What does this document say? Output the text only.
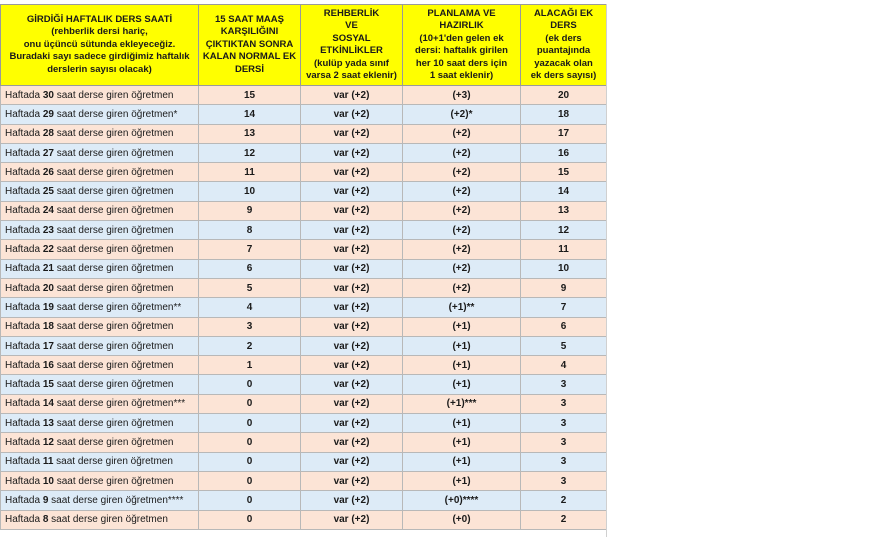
GİRDİĞİ HAFTALIK DERS SAATİ
(rehberlik dersi hariç,
onu üçüncü sütunda ekleyeceğiz. Buradaki sayı sadece girdiğimiz haftalık derslerin sayısı olacak)	15 SAAT MAAŞ
KARŞILIĞINI
ÇIKTIKTAN SONRA
KALAN NORMAL EK
DERSİ	REHBERLİK
VE
SOSYAL ETKİNLİKLER
(kulüp yada sınıf
varsa 2 saat eklenir)	PLANLAMA VE HAZIRLIK
(10+1'den gelen ek
dersi: haftalık girilen
her 10 saat ders için
1 saat eklenir)	ALACAĞI EK DERS
(ek ders
puantajında
yazacak olan
ek ders sayısı)
Haftada 30 saat derse giren öğretmen	15	var (+2)	(+3)	20
Haftada 29 saat derse giren öğretmen*	14	var (+2)	(+2)*	18
Haftada 28 saat derse giren öğretmen	13	var (+2)	(+2)	17
Haftada 27 saat derse giren öğretmen	12	var (+2)	(+2)	16
Haftada 26 saat derse giren öğretmen	11	var (+2)	(+2)	15
Haftada 25 saat derse giren öğretmen	10	var (+2)	(+2)	14
Haftada 24 saat derse giren öğretmen	9	var (+2)	(+2)	13
Haftada 23 saat derse giren öğretmen	8	var (+2)	(+2)	12
Haftada 22 saat derse giren öğretmen	7	var (+2)	(+2)	11
Haftada 21 saat derse giren öğretmen	6	var (+2)	(+2)	10
Haftada 20 saat derse giren öğretmen	5	var (+2)	(+2)	9
Haftada 19 saat derse giren öğretmen**	4	var (+2)	(+1)**	7
Haftada 18 saat derse giren öğretmen	3	var (+2)	(+1)	6
Haftada 17 saat derse giren öğretmen	2	var (+2)	(+1)	5
Haftada 16 saat derse giren öğretmen	1	var (+2)	(+1)	4
Haftada 15 saat derse giren öğretmen	0	var (+2)	(+1)	3
Haftada 14 saat derse giren öğretmen***	0	var (+2)	(+1)***	3
Haftada 13 saat derse giren öğretmen	0	var (+2)	(+1)	3
Haftada 12 saat derse giren öğretmen	0	var (+2)	(+1)	3
Haftada 11 saat derse giren öğretmen	0	var (+2)	(+1)	3
Haftada 10 saat derse giren öğretmen	0	var (+2)	(+1)	3
Haftada 9 saat derse giren öğretmen****	0	var (+2)	(+0)****	2
Haftada 8 saat derse giren öğretmen	0	var (+2)	(+0)	2
